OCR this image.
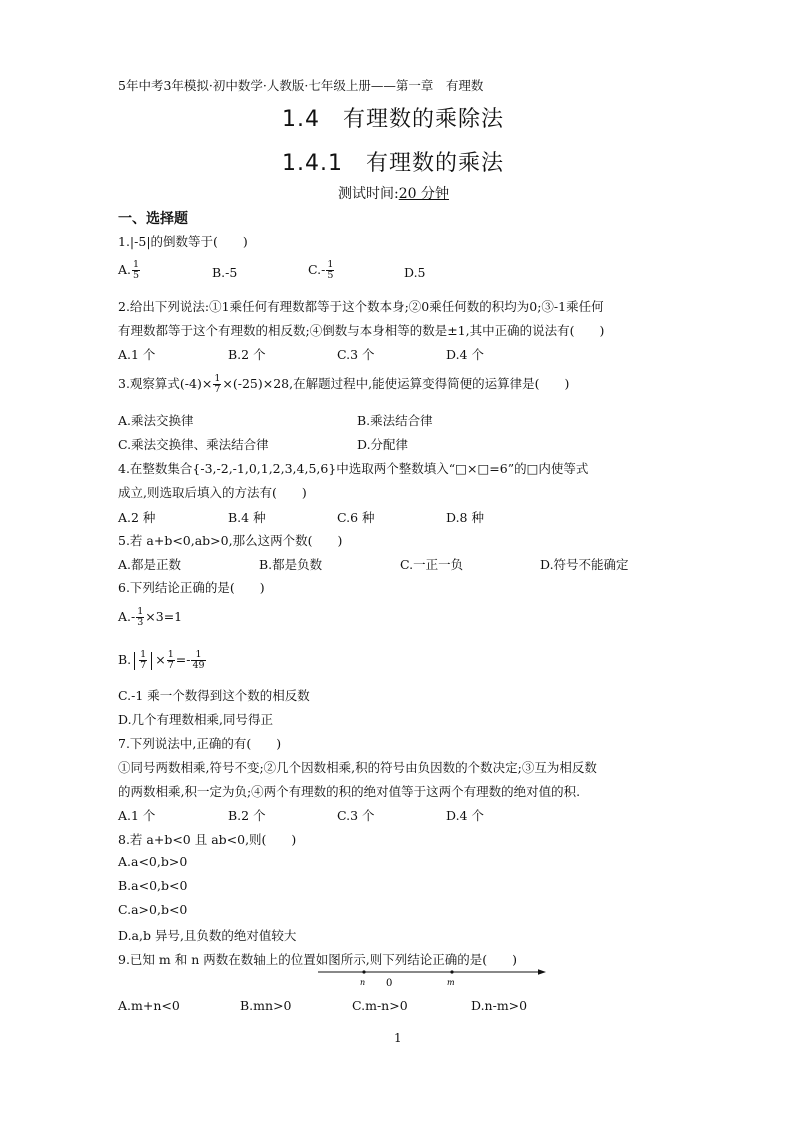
5年中考3年模拟·初中数学·人教版·七年级上册——第一章　有理数
1.4　有理数的乘除法
1.4.1　有理数的乘法
测试时间:20 分钟
一、选择题
1.|-5|的倒数等于(　　)
A. $\frac{1}{5}$	B.-5	$C.- \frac{1}{5}$	D.5
2.给出下列说法:①1乘任何有理数都等于这个数本身;②0乘任何数的积均为0;③-1乘任何
有理数都等于这个有理数的相反数;④倒数与本身相等的数是±1,其中正确的说法有(　　)
A.1 个	B.2 个	C.3 个	D.4 个
3.观察算式$(-4)\times \frac{1}{7} \times(-25)\times 28$,在解题过程中,能使运算变得简便的运算律是(　　)
A.乘法交换律	B.乘法结合律
C.乘法交换律、乘法结合律	D.分配律
4.在整数集合{-3,-2,-1,0,1,2,3,4,5,6}中选取两个整数填入“□×□=6”的□内使等式
成立,则选取后填入的方法有(　　)
A.2 种	B.4 种	C.6 种	D.8 种
5.若 a+b<0,ab>0,那么这两个数(　　)
A.都是正数	B.都是负数	C.一正一负	D.符号不能确定
6.下列结论正确的是(　　)
$A.- \frac{1}{3} \times 3=1$
B. $\frac{1}{7} \times \frac{1}{7} =- \frac{1}{49}$
C.-1 乘一个数得到这个数的相反数
D.几个有理数相乘,同号得正
7.下列说法中,正确的有(　　)
①同号两数相乘,符号不变;②几个因数相乘,积的符号由负因数的个数决定;③互为相反数
的两数相乘,积一定为负;④两个有理数的积的绝对值等于这两个有理数的绝对值的积.
A.1 个	B.2 个	C.3 个	D.4 个
8.若 a+b<0 且 ab<0,则(　　)
A.a<0,b>0
B.a<0,b<0
C.a>0,b<0
D.a,b 异号,且负数的绝对值较大
9.已知 m 和 n 两数在数轴上的位置如图所示,则下列结论正确的是(　　)
n 0	m
A.m+n<0	B.mn>0	C.m-n>0	D.n-m>0
1
